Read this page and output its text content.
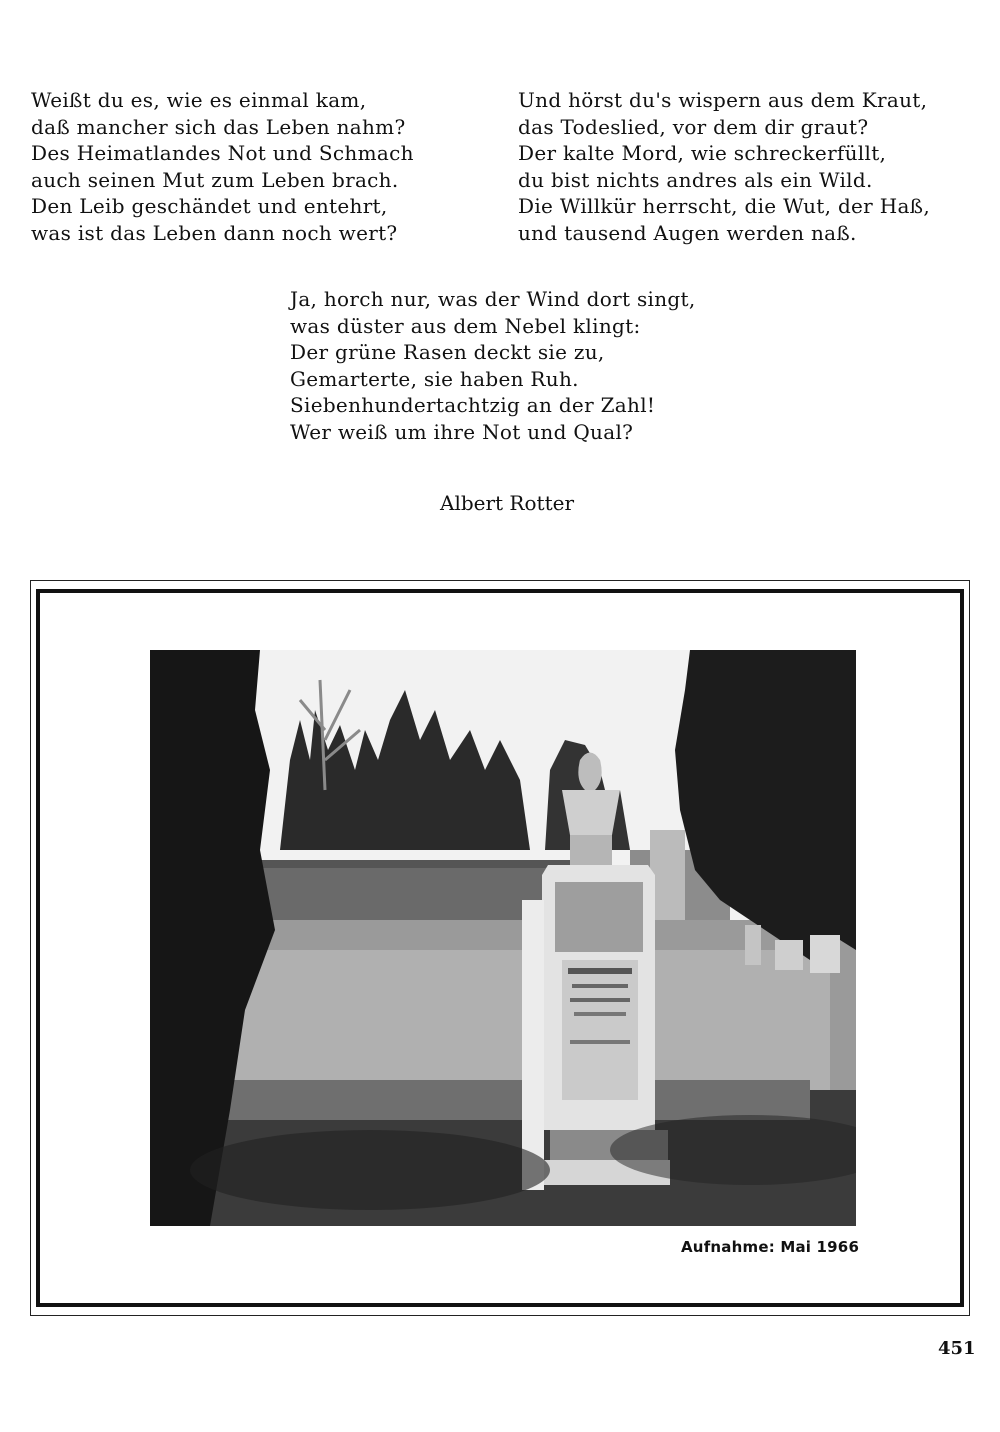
Weißt du es, wie es einmal kam,
daß mancher sich das Leben nahm?
Des Heimatlandes Not und Schmach
auch seinen Mut zum Leben brach.
Den Leib geschändet und entehrt,
was ist das Leben dann noch wert?
Und hörst du's wispern aus dem Kraut,
das Todeslied, vor dem dir graut?
Der kalte Mord, wie schreckerfüllt,
du bist nichts andres als ein Wild.
Die Willkür herrscht, die Wut, der Haß,
und tausend Augen werden naß.
Ja, horch nur, was der Wind dort singt,
was düster aus dem Nebel klingt:
Der grüne Rasen deckt sie zu,
Gemarterte, sie haben Ruh.
Siebenhundertachtzig an der Zahl!
Wer weiß um ihre Not und Qual?
Albert Rotter
Aufnahme: Mai 1966
451
